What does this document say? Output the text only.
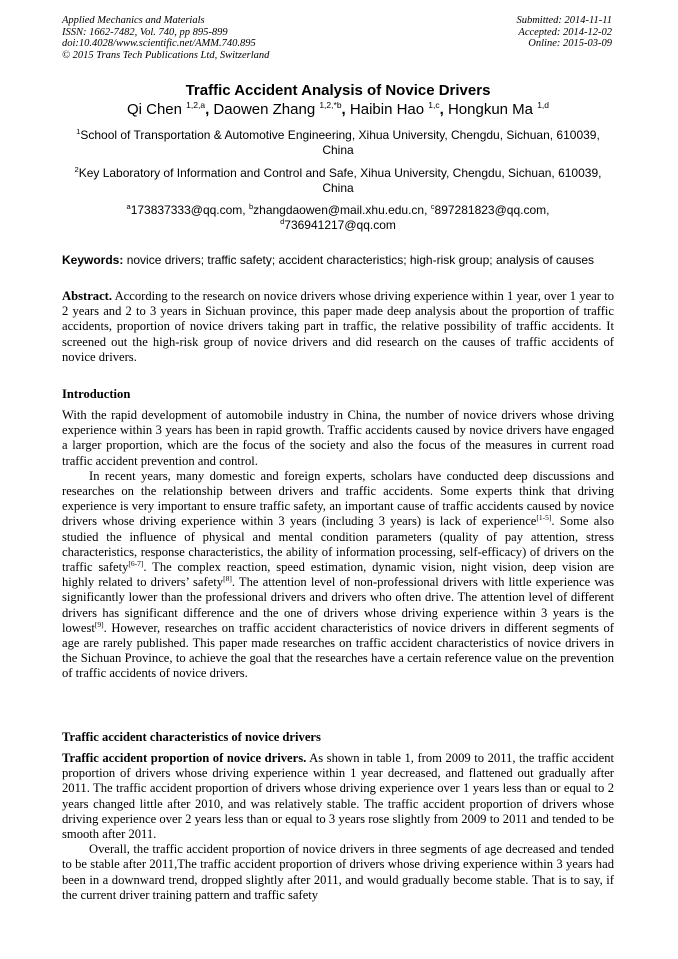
Applied Mechanics and Materials
ISSN: 1662-7482, Vol. 740, pp 895-899
doi:10.4028/www.scientific.net/AMM.740.895
© 2015 Trans Tech Publications Ltd, Switzerland
Submitted: 2014-11-11
Accepted: 2014-12-02
Online: 2015-03-09
Traffic Accident Analysis of Novice Drivers
Qi Chen $^{1,2,a}$, Daowen Zhang $^{1,2,*b}$, Haibin Hao $^{1,c}$, Hongkun Ma $^{1,d}$
$^1$School of Transportation & Automotive Engineering, Xihua University, Chengdu, Sichuan, 610039, China
$^2$Key Laboratory of Information and Control and Safe, Xihua University, Chengdu, Sichuan, 610039, China
$^a$173837333@qq.com, $^b$zhangdaowen@mail.xhu.edu.cn, $^c$897281823@qq.com,
$^d$736941217@qq.com
Keywords: novice drivers; traffic safety; accident characteristics; high-risk group; analysis of causes

Abstract. According to the research on novice drivers whose driving experience within 1 year, over 1 year to 2 years and 2 to 3 years in Sichuan province, this paper made deep analysis about the proportion of traffic accidents, proportion of novice drivers taking part in traffic, the relative possibility of traffic accidents. It screened out the high-risk group of novice drivers and did research on the causes of traffic accidents of novice drivers.

Introduction

With the rapid development of automobile industry in China, the number of novice drivers whose driving experience within 3 years has been in rapid growth. Traffic accidents caused by novice drivers have engaged a larger proportion, which are the focus of the society and also the focus of the measures in current road traffic accident prevention and control.

In recent years, many domestic and foreign experts, scholars have conducted deep discussions and researches on the relationship between drivers and traffic accidents. Some experts think that driving experience is very important to ensure traffic safety, an important cause of traffic accidents caused by novice drivers whose driving experience within 3 years (including 3 years) is lack of experience[1-5]. Some also studied the influence of physical and mental condition parameters (quality of pay attention, stress characteristics, response characteristics, the ability of information processing, self-efficacy) of drivers on the traffic safety[6-7]. The complex reaction, speed estimation, dynamic vision, night vision, deep vision are highly related to drivers’ safety[8]. The attention level of non-professional drivers with little experience was significantly lower than the professional drivers and drivers who often drive. The attention level of different drivers has significant difference and the one of drivers whose driving experience within 3 years is the lowest[9]. However, researches on traffic accident characteristics of novice drivers in different segments of age are rarely published. This paper made researches on traffic accident characteristics of novice drivers in the Sichuan Province, to achieve the goal that the researches have a certain reference value on the prevention of traffic accidents of novice drivers.

Traffic accident characteristics of novice drivers

Traffic accident proportion of novice drivers. As shown in table 1, from 2009 to 2011, the traffic accident proportion of drivers whose driving experience within 1 year decreased, and flattened out gradually after 2011. The traffic accident proportion of drivers whose driving experience over 1 years less than or equal to 2 years changed little after 2010, and was relatively stable. The traffic accident proportion of drivers whose driving experience over 2 years less than or equal to 3 years rose slightly from 2009 to 2011 and tended to be smooth after 2011.

Overall, the traffic accident proportion of novice drivers in three segments of age decreased and tended to be stable after 2011,The traffic accident proportion of drivers whose driving experience within 3 years had been in a downward trend, dropped slightly after 2011, and would gradually become stable. That is to say, if the current driver training pattern and traffic safety
